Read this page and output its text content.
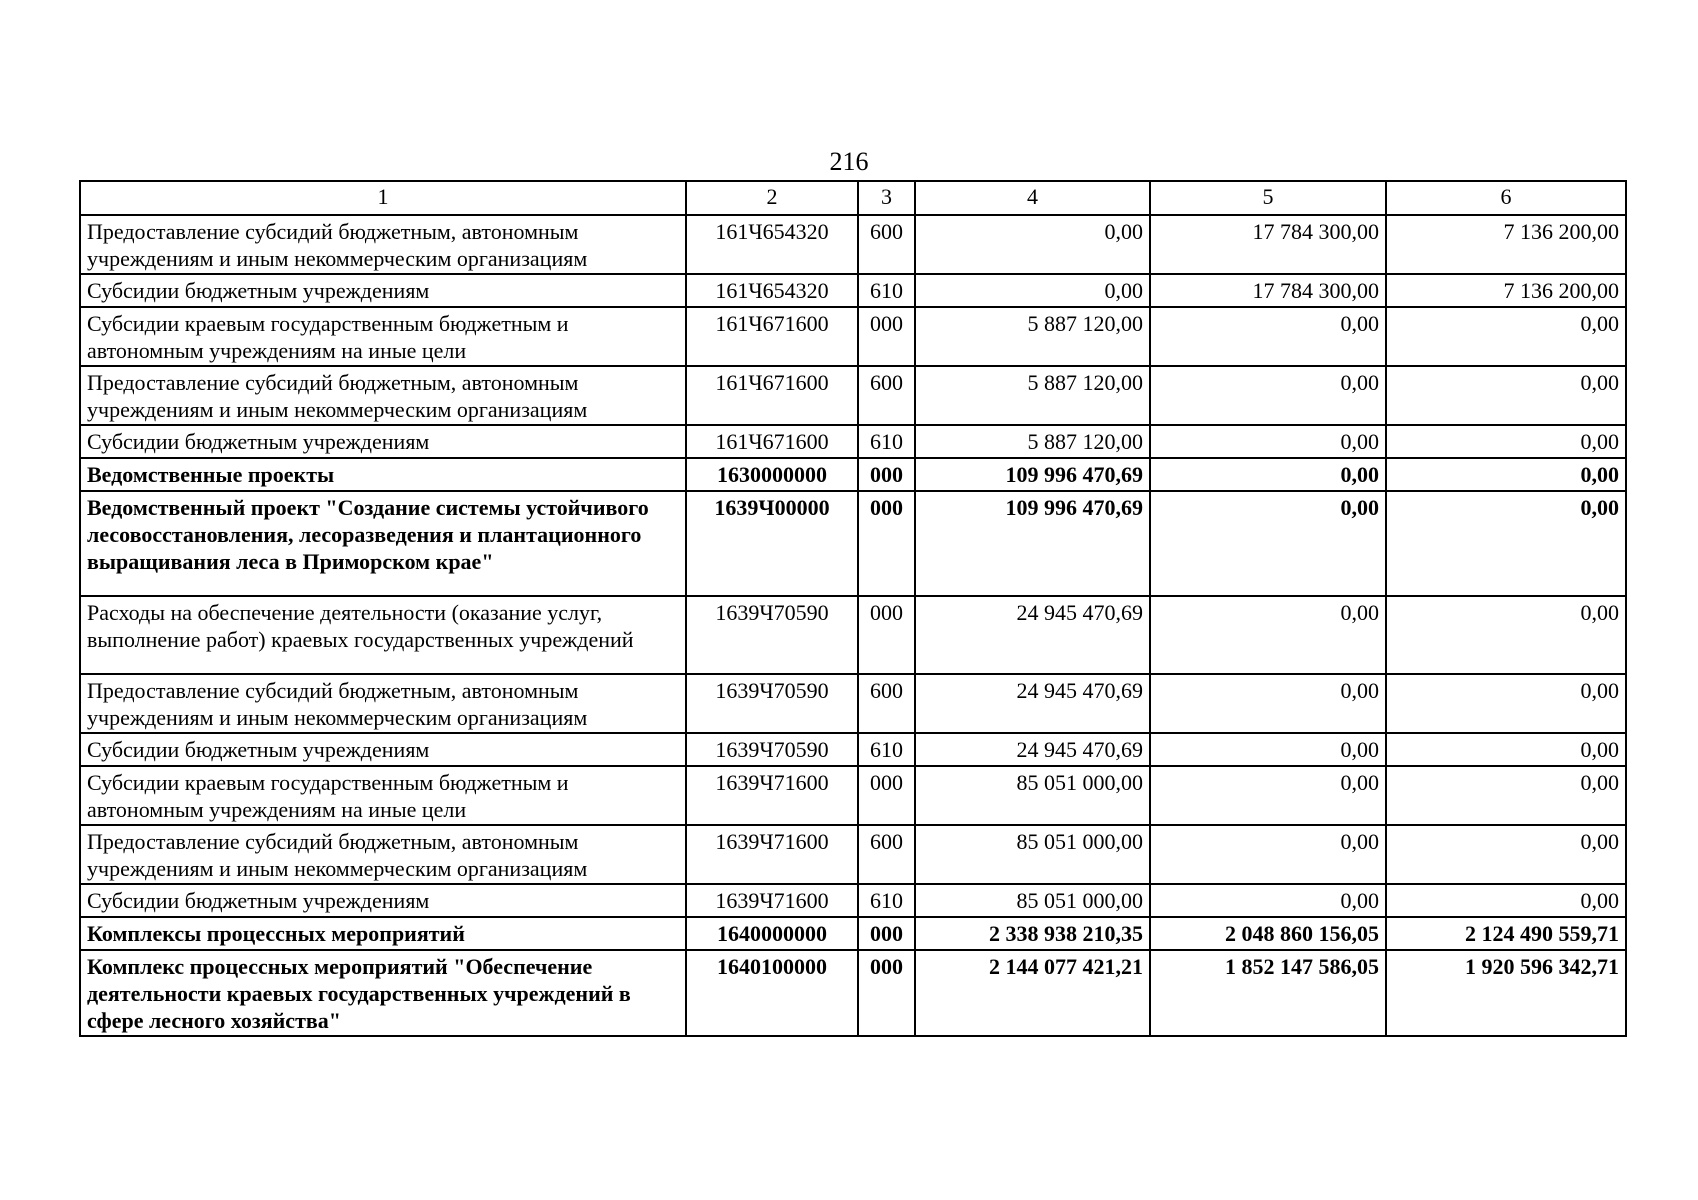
216
1	2	3	4	5	6
Предоставление субсидий бюджетным, автономным учреждениям и иным некоммерческим организациям	161Ч654320	600	0,00	17 784 300,00	7 136 200,00
Субсидии бюджетным учреждениям	161Ч654320	610	0,00	17 784 300,00	7 136 200,00
Субсидии краевым государственным бюджетным и автономным учреждениям на иные цели	161Ч671600	000	5 887 120,00	0,00	0,00
Предоставление субсидий бюджетным, автономным учреждениям и иным некоммерческим организациям	161Ч671600	600	5 887 120,00	0,00	0,00
Субсидии бюджетным учреждениям	161Ч671600	610	5 887 120,00	0,00	0,00
Ведомственные проекты	1630000000	000	109 996 470,69	0,00	0,00
Ведомственный проект "Создание системы устойчивого лесовосстановления, лесоразведения и плантационного выращивания леса в Приморском крае"	1639Ч00000	000	109 996 470,69	0,00	0,00
Расходы на обеспечение деятельности (оказание услуг, выполнение работ) краевых государственных учреждений	1639Ч70590	000	24 945 470,69	0,00	0,00
Предоставление субсидий бюджетным, автономным учреждениям и иным некоммерческим организациям	1639Ч70590	600	24 945 470,69	0,00	0,00
Субсидии бюджетным учреждениям	1639Ч70590	610	24 945 470,69	0,00	0,00
Субсидии краевым государственным бюджетным и автономным учреждениям на иные цели	1639Ч71600	000	85 051 000,00	0,00	0,00
Предоставление субсидий бюджетным, автономным учреждениям и иным некоммерческим организациям	1639Ч71600	600	85 051 000,00	0,00	0,00
Субсидии бюджетным учреждениям	1639Ч71600	610	85 051 000,00	0,00	0,00
Комплексы процессных мероприятий	1640000000	000	2 338 938 210,35	2 048 860 156,05	2 124 490 559,71
Комплекс процессных мероприятий "Обеспечение деятельности краевых государственных учреждений в сфере лесного хозяйства"	1640100000	000	2 144 077 421,21	1 852 147 586,05	1 920 596 342,71
